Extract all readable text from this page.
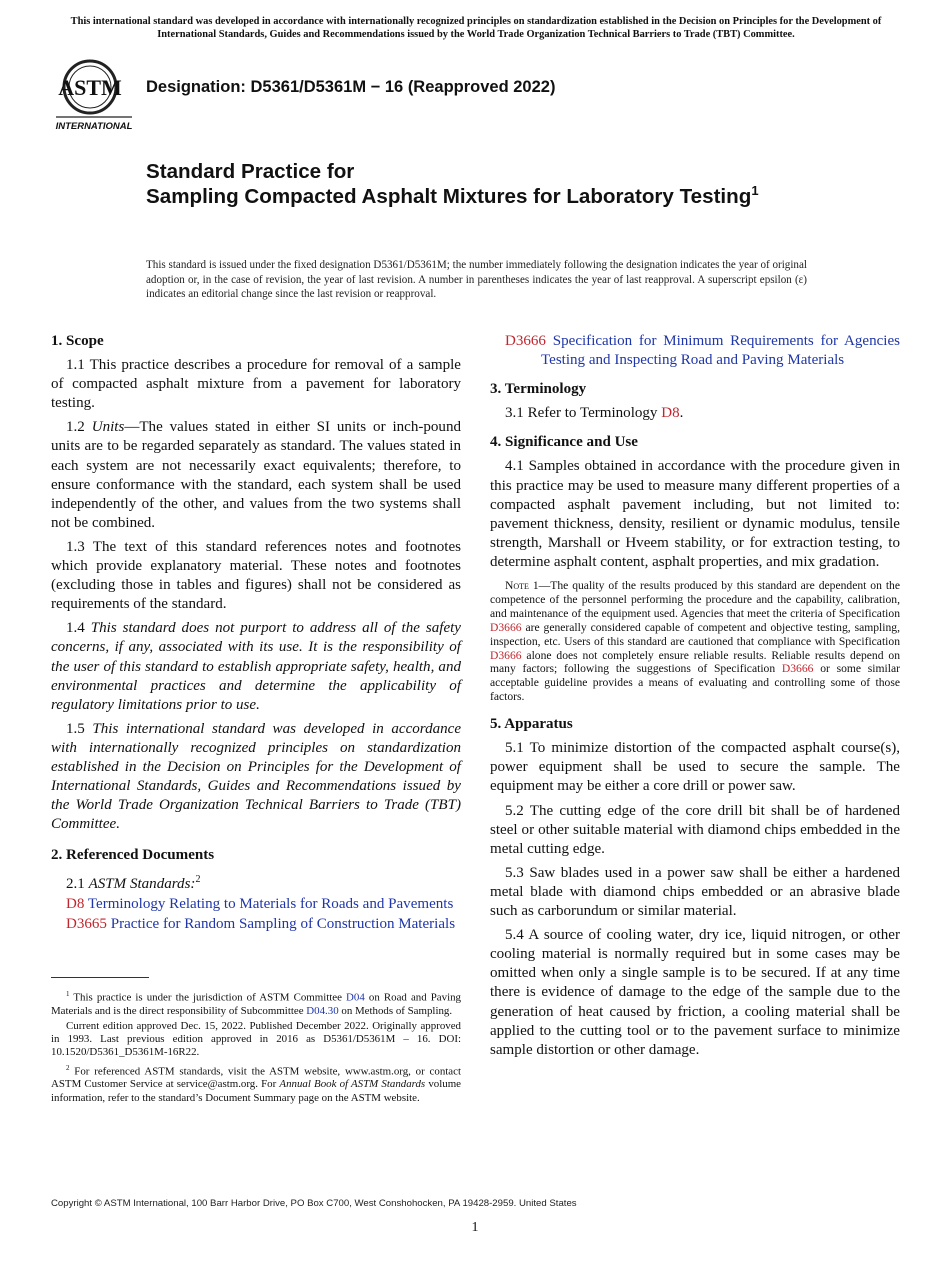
This international standard was developed in accordance with internationally recognized principles on standardization established in the Decision on Principles for the Development of International Standards, Guides and Recommendations issued by the World Trade Organization Technical Barriers to Trade (TBT) Committee.
ASTM
INTERNATIONAL
Designation: D5361/D5361M − 16 (Reapproved 2022)
Standard Practice for
Sampling Compacted Asphalt Mixtures for Laboratory Testing$^1$
This standard is issued under the fixed designation D5361/D5361M; the number immediately following the designation indicates the year of original adoption or, in the case of revision, the year of last revision. A number in parentheses indicates the year of last reapproval. A superscript epsilon (ε) indicates an editorial change since the last revision or reapproval.
1. Scope
1.1 This practice describes a procedure for removal of a sample of compacted asphalt mixture from a pavement for laboratory testing.
1.2 Units—The values stated in either SI units or inch-pound units are to be regarded separately as standard. The values stated in each system are not necessarily exact equivalents; therefore, to ensure conformance with the standard, each system shall be used independently of the other, and values from the two systems shall not be combined.
1.3 The text of this standard references notes and footnotes which provide explanatory material. These notes and footnotes (excluding those in tables and figures) shall not be considered as requirements of the standard.
1.4 This standard does not purport to address all of the safety concerns, if any, associated with its use. It is the responsibility of the user of this standard to establish appropriate safety, health, and environmental practices and determine the applicability of regulatory limitations prior to use.
1.5 This international standard was developed in accordance with internationally recognized principles on standardization established in the Decision on Principles for the Development of International Standards, Guides and Recommendations issued by the World Trade Organization Technical Barriers to Trade (TBT) Committee.
2. Referenced Documents
2.1 ASTM Standards:$^2$
D8 Terminology Relating to Materials for Roads and Pavements
D3665 Practice for Random Sampling of Construction Materials
$^1$ This practice is under the jurisdiction of ASTM Committee D04 on Road and Paving Materials and is the direct responsibility of Subcommittee D04.30 on Methods of Sampling.
Current edition approved Dec. 15, 2022. Published December 2022. Originally approved in 1993. Last previous edition approved in 2016 as D5361/D5361M – 16. DOI: 10.1520/D5361_D5361M-16R22.
$^2$ For referenced ASTM standards, visit the ASTM website, www.astm.org, or contact ASTM Customer Service at service@astm.org. For Annual Book of ASTM Standards volume information, refer to the standard’s Document Summary page on the ASTM website.
D3666 Specification for Minimum Requirements for Agencies Testing and Inspecting Road and Paving Materials
3. Terminology
3.1 Refer to Terminology D8.
4. Significance and Use
4.1 Samples obtained in accordance with the procedure given in this practice may be used to measure many different properties of a compacted asphalt pavement including, but not limited to: pavement thickness, density, resilient or dynamic modulus, tensile strength, Marshall or Hveem stability, or for extraction testing, to determine asphalt content, asphalt properties, and mix gradation.
Note 1—The quality of the results produced by this standard are dependent on the competence of the personnel performing the procedure and the capability, calibration, and maintenance of the equipment used. Agencies that meet the criteria of Specification D3666 are generally considered capable of competent and objective testing, sampling, inspection, etc. Users of this standard are cautioned that compliance with Specification D3666 alone does not completely ensure reliable results. Reliable results depend on many factors; following the suggestions of Specification D3666 or some similar acceptable guideline provides a means of evaluating and controlling some of those factors.
5. Apparatus
5.1 To minimize distortion of the compacted asphalt course(s), power equipment shall be used to secure the sample. The equipment may be either a core drill or power saw.
5.2 The cutting edge of the core drill bit shall be of hardened steel or other suitable material with diamond chips embedded in the metal cutting edge.
5.3 Saw blades used in a power saw shall be either a hardened metal blade with diamond chips embedded or an abrasive blade such as carborundum or similar material.
5.4 A source of cooling water, dry ice, liquid nitrogen, or other cooling material is normally required but in some cases may be omitted when only a single sample is to be secured. If at any time there is evidence of damage to the edge of the sample due to the generation of heat caused by friction, a cooling material shall be applied to the cutting tool or to the pavement surface to minimize sample distortion or other damage.
Copyright © ASTM International, 100 Barr Harbor Drive, PO Box C700, West Conshohocken, PA 19428-2959. United States
1
